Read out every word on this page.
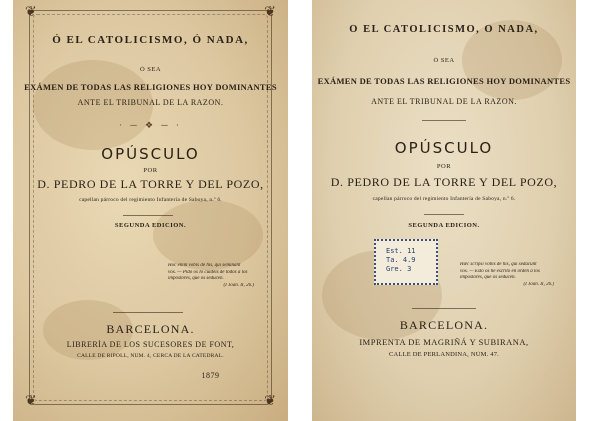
❦	❦
❦	❦
Ó EL CATOLICISMO, Ó NADA,
Ó SEA
EXÁMEN DE TODAS LAS RELIGIONES HOY DOMINANTES
ANTE EL TRIBUNAL DE LA RAZON.
· ─ ❖ ─ ·
OPÚSCULO
POR
D. PEDRO DE LA TORRE Y DEL POZO,
capellan párroco del regimiento Infantería de Saboya, n.º 6.
SEGUNDA EDICION.
Hoc enim vobis de his, qui seminant
vos. — Pido os lo cuidéis de todos á los
impostores, que os seducen.
(I Joan. II, 26.)
BARCELONA.
LIBRERÍA DE LOS SUCESORES DE FONT,
CALLE DE RIPOLL, NÚM. 4, CERCA DE LA CATEDRAL.
1879
Ó EL CATOLICISMO, Ó NADA,
Ó SEA
EXÁMEN DE TODAS LAS RELIGIONES HOY DOMINANTES
ANTE EL TRIBUNAL DE LA RAZON.
OPÚSCULO
POR
D. PEDRO DE LA TORRE Y DEL POZO,
capellan párroco del regimiento Infantería de Saboya, n.º 6.
SEGUNDA EDICION.
Est. 11
Ta. 4.9
Gre. 3
Hæc scripsi vobis de his, qui seducunt
vos. — Esto os he escrito en órden á los
impostores, que os seducen.
(I Joan. II, 26.)
BARCELONA.
IMPRENTA DE MAGRIÑÁ Y SUBIRANA,
CALLE DE PERLANDINA, NÚM. 47.
